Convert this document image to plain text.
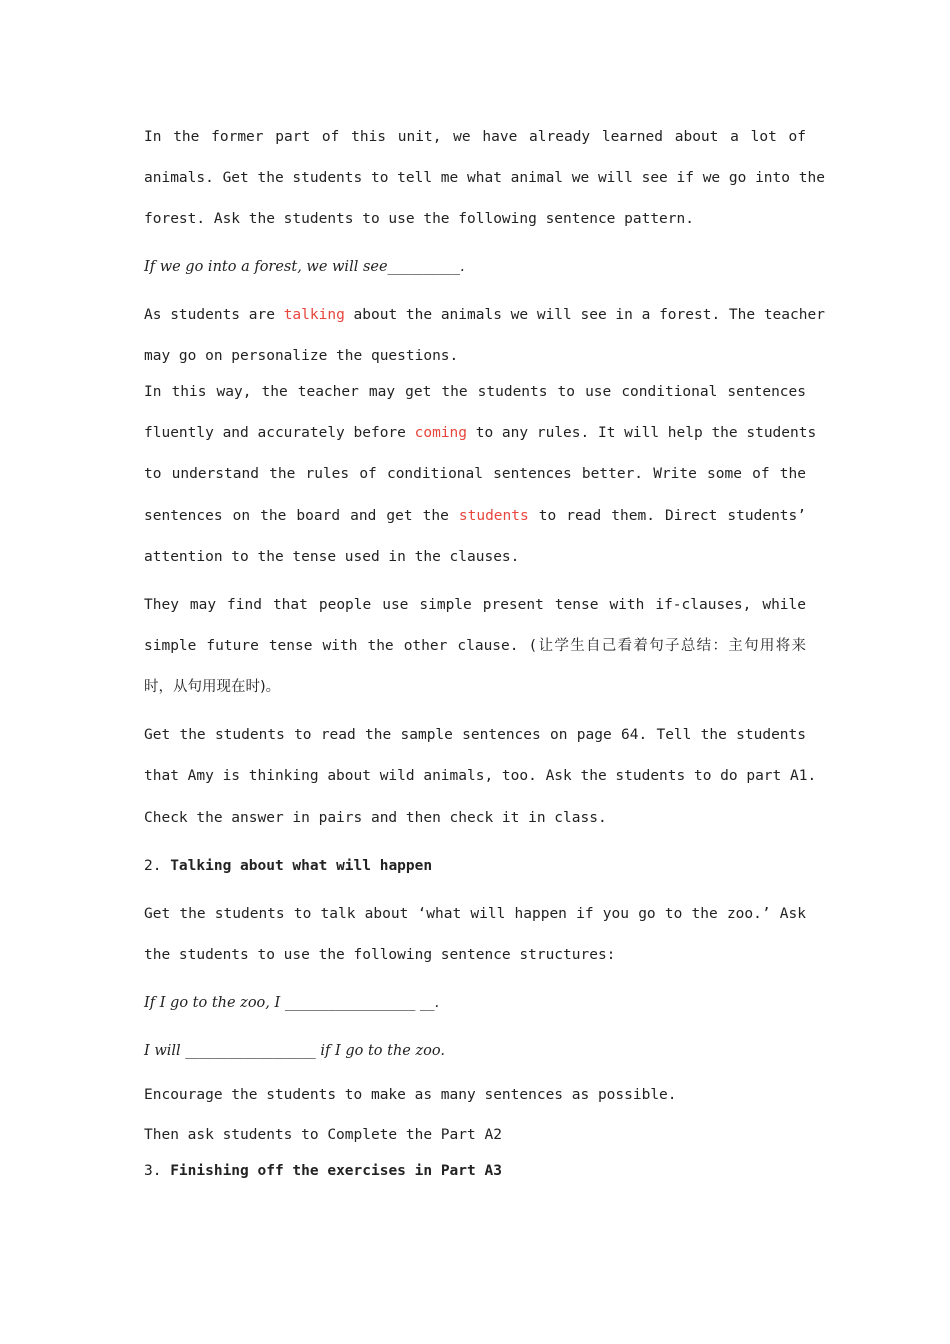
In the former part of this unit, we have already learned about a lot of
animals. Get the students to tell me what animal we will see if we go into the
forest. Ask the students to use the following sentence pattern.
If we go into a forest, we will see__________.
As students are talking about the animals we will see in a forest. The teacher
may go on personalize the questions.
In this way, the teacher may get the students to use conditional sentences
fluently and accurately before coming to any rules. It will help the students
to understand the rules of conditional sentences better. Write some of the
sentences on the board and get the students to read them. Direct students’
attention to the tense used in the clauses.
They may find that people use simple present tense with if-clauses, while
simple future tense with the other clause. (让学生自己看着句子总结：主句用将来
时，从句用现在时)。
Get the students to read the sample sentences on page 64. Tell the students
that Amy is thinking about wild animals, too. Ask the students to do part A1.
Check the answer in pairs and then check it in class.
2. Talking about what will happen
Get the students to talk about ‘what will happen if you go to the zoo.’ Ask
the students to use the following sentence structures:
If I go to the zoo, I __________________ __.
I will __________________ if I go to the zoo.
Encourage the students to make as many sentences as possible.
Then ask students to Complete the Part A2
3. Finishing off the exercises in Part A3
